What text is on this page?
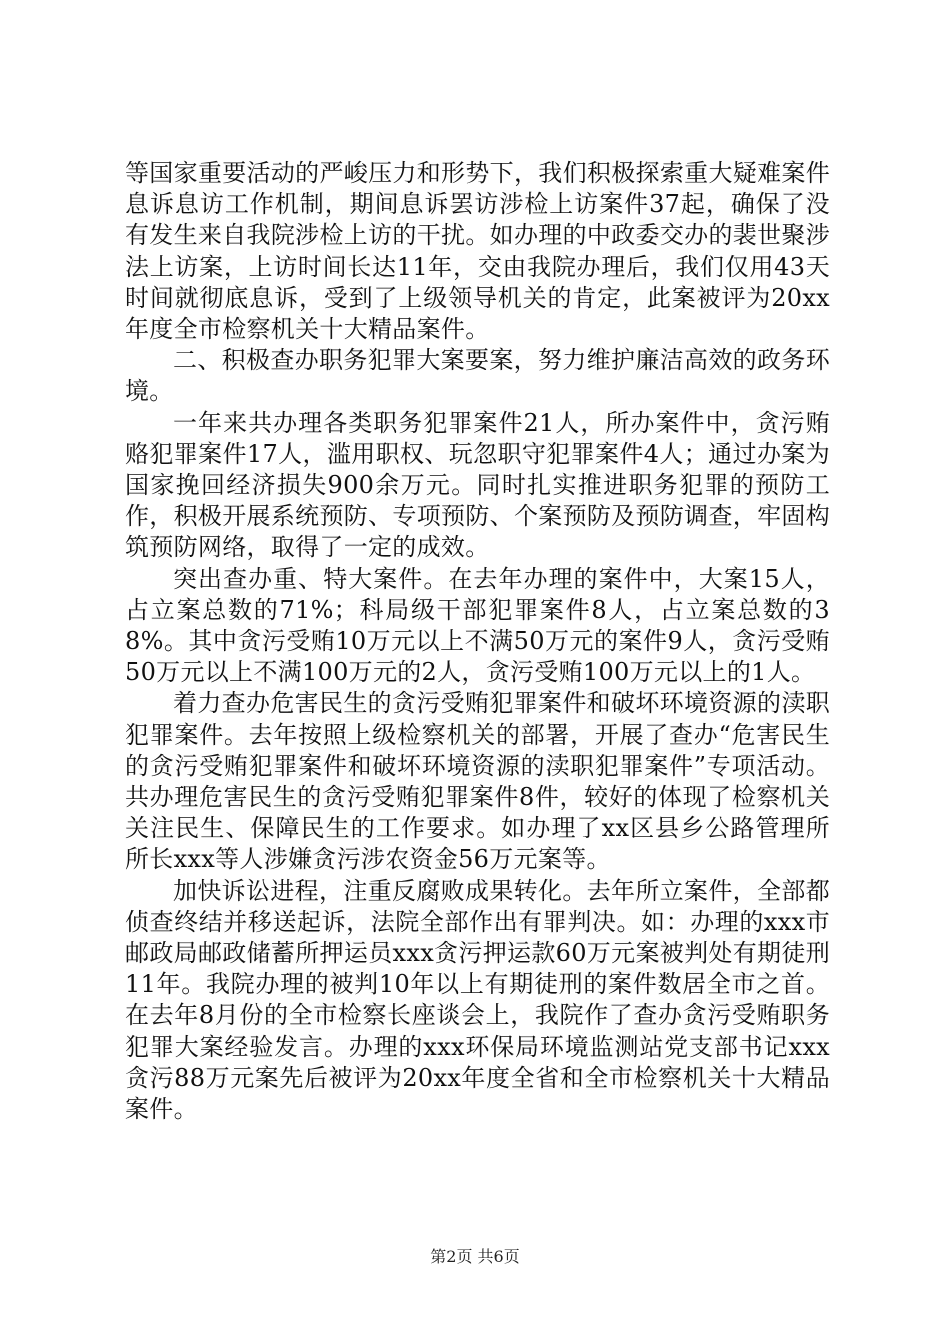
等国家重要活动的严峻压力和形势下，我们积极探索重大疑难案件息诉息访工作机制，期间息诉罢访涉检上访案件37起，确保了没有发生来自我院涉检上访的干扰。如办理的中政委交办的裴世聚涉法上访案，上访时间长达11年，交由我院办理后，我们仅用43天时间就彻底息诉，受到了上级领导机关的肯定，此案被评为20xx年度全市检察机关十大精品案件。

二、积极查办职务犯罪大案要案，努力维护廉洁高效的政务环境。

一年来共办理各类职务犯罪案件21人，所办案件中，贪污贿赂犯罪案件17人，滥用职权、玩忽职守犯罪案件4人；通过办案为国家挽回经济损失900余万元。同时扎实推进职务犯罪的预防工作，积极开展系统预防、专项预防、个案预防及预防调查，牢固构筑预防网络，取得了一定的成效。

突出查办重、特大案件。在去年办理的案件中，大案15人，占立案总数的71%；科局级干部犯罪案件8人，占立案总数的38%。其中贪污受贿10万元以上不满50万元的案件9人，贪污受贿50万元以上不满100万元的2人，贪污受贿100万元以上的1人。

着力查办危害民生的贪污受贿犯罪案件和破坏环境资源的渎职犯罪案件。去年按照上级检察机关的部署，开展了查办“危害民生的贪污受贿犯罪案件和破坏环境资源的渎职犯罪案件”专项活动。共办理危害民生的贪污受贿犯罪案件8件，较好的体现了检察机关关注民生、保障民生的工作要求。如办理了xx区县乡公路管理所所长xxx等人涉嫌贪污涉农资金56万元案等。

加快诉讼进程，注重反腐败成果转化。去年所立案件，全部都侦查终结并移送起诉，法院全部作出有罪判决。如：办理的xxx市邮政局邮政储蓄所押运员xxx贪污押运款60万元案被判处有期徒刑11年。我院办理的被判10年以上有期徒刑的案件数居全市之首。在去年8月份的全市检察长座谈会上，我院作了查办贪污受贿职务犯罪大案经验发言。办理的xxx环保局环境监测站党支部书记xxx贪污88万元案先后被评为20xx年度全省和全市检察机关十大精品案件。

第2页 共6页
